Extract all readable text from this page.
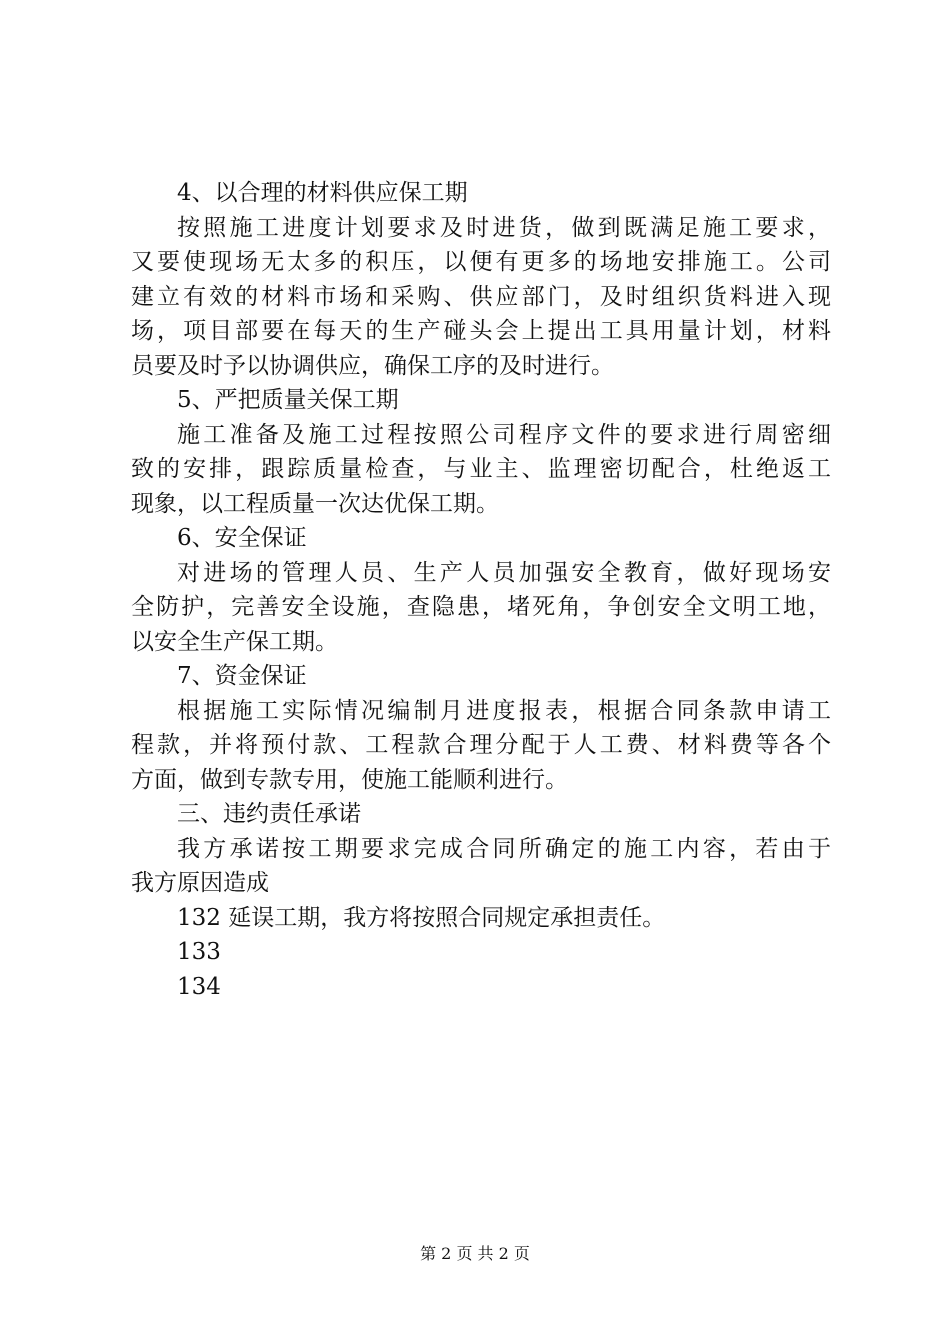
4、以合理的材料供应保工期
按照施工进度计划要求及时进货，做到既满足施工要求，
又要使现场无太多的积压，以便有更多的场地安排施工。公司
建立有效的材料市场和采购、供应部门，及时组织货料进入现
场，项目部要在每天的生产碰头会上提出工具用量计划，材料
员要及时予以协调供应，确保工序的及时进行。
5、严把质量关保工期
施工准备及施工过程按照公司程序文件的要求进行周密细
致的安排，跟踪质量检查，与业主、监理密切配合，杜绝返工
现象，以工程质量一次达优保工期。
6、安全保证
对进场的管理人员、生产人员加强安全教育，做好现场安
全防护，完善安全设施，查隐患，堵死角，争创安全文明工地，
以安全生产保工期。
7、资金保证
根据施工实际情况编制月进度报表，根据合同条款申请工
程款，并将预付款、工程款合理分配于人工费、材料费等各个
方面，做到专款专用，使施工能顺利进行。
三、违约责任承诺
我方承诺按工期要求完成合同所确定的施工内容，若由于
我方原因造成
132 延误工期，我方将按照合同规定承担责任。
133
134
第 2 页 共 2 页
